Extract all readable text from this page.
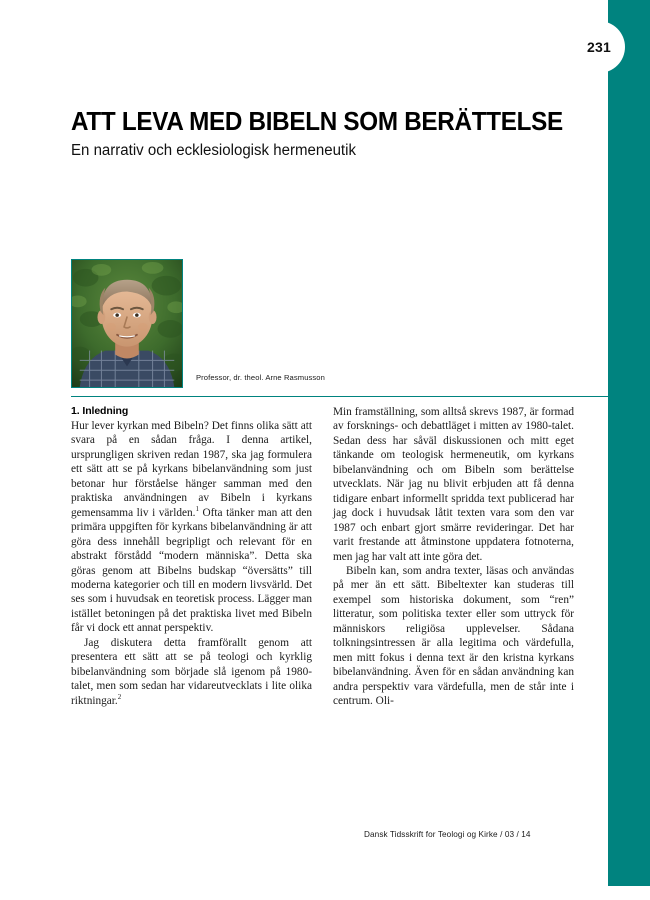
231
ATT LEVA MED BIBELN SOM BERÄTTELSE
En narrativ och ecklesiologisk hermeneutik
Professor, dr. theol. Arne Rasmusson
1. Inledning

Hur lever kyrkan med Bibeln? Det finns olika sätt att svara på en sådan fråga. I denna artikel, ursprungligen skriven redan 1987, ska jag formulera ett sätt att se på kyrkans bibelanvändning som just betonar hur förståelse hänger samman med den praktiska användningen av Bibeln i kyrkans gemensamma liv i världen.$^1$ Ofta tänker man att den primära uppgiften för kyrkans bibelanvändning är att göra dess innehåll begripligt och relevant för en abstrakt förstådd “modern människa”. Detta ska göras genom att Bibelns budskap “översätts” till moderna kategorier och till en modern livsvärld. Det ses som i huvudsak en teoretisk process. Lägger man istället betoningen på det praktiska livet med Bibeln får vi dock ett annat perspektiv.

Jag diskutera detta framförallt genom att presentera ett sätt att se på teologi och kyrklig bibelanvändning som började slå igenom på 1980-talet, men som sedan har vidareutvecklats i lite olika riktningar.$^2$

Min framställning, som alltså skrevs 1987, är formad av forsknings- och debattläget i mitten av 1980-talet. Sedan dess har såväl diskussionen och mitt eget tänkande om teologisk hermeneutik, om kyrkans bibelanvändning och om Bibeln som berättelse utvecklats. När jag nu blivit erbjuden att få denna tidigare enbart informellt spridda text publicerad har jag dock i huvudsak låtit texten vara som den var 1987 och enbart gjort smärre revideringar. Det har varit frestande att åtminstone uppdatera fotnoterna, men jag har valt att inte göra det.

Bibeln kan, som andra texter, läsas och användas på mer än ett sätt. Bibeltexter kan studeras till exempel som historiska dokument, som “ren” litteratur, som politiska texter eller som uttryck för människors religiösa upplevelser. Sådana tolkningsintressen är alla legitima och värdefulla, men mitt fokus i denna text är den kristna kyrkans bibelanvändning. Även för en sådan användning kan andra perspektiv vara värdefulla, men de står inte i centrum. Oli-

Dansk Tidsskrift for Teologi og Kirke / 03 / 14
